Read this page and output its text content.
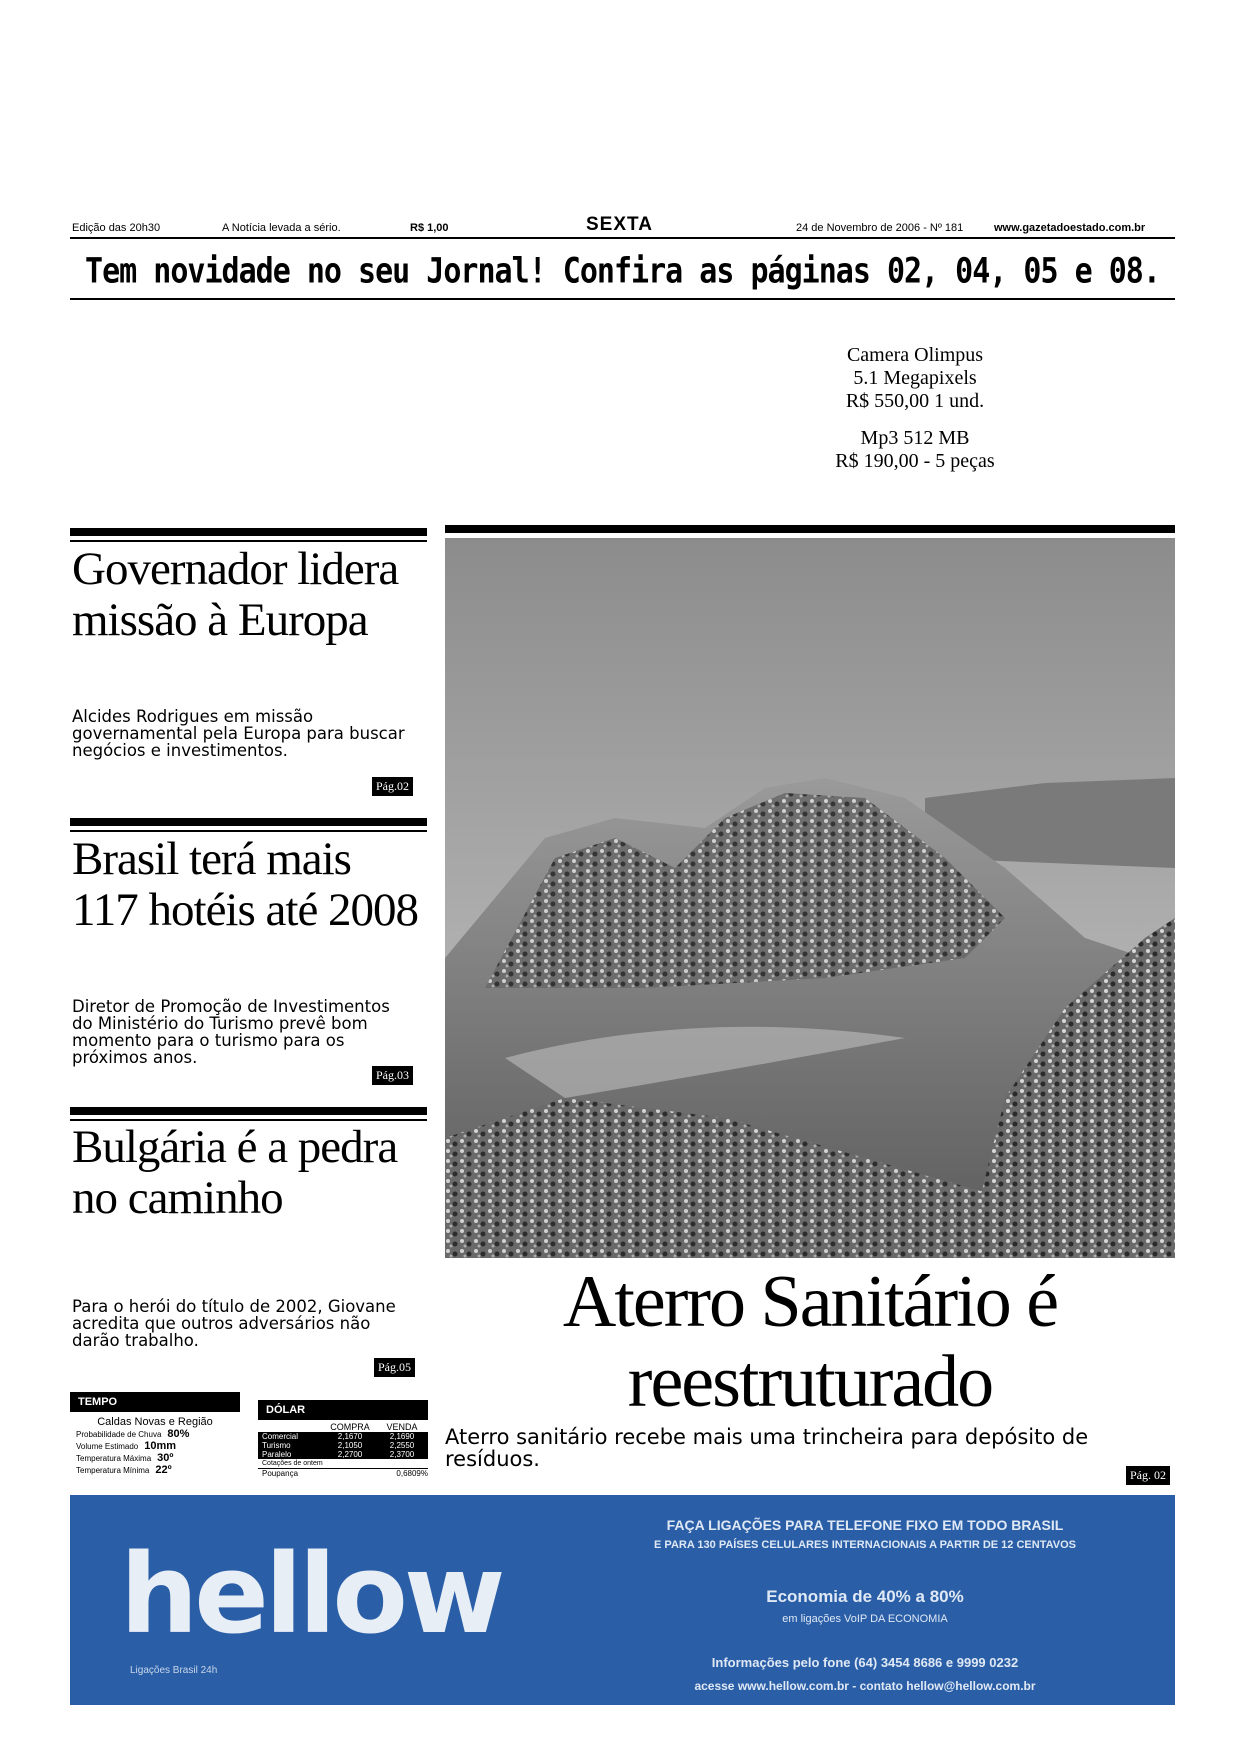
Edição das 20h30	A Notícia levada a sério.	R$ 1,00	SEXTA	24 de Novembro de 2006 - Nº 181	www.gazetadoestado.com.br
Tem novidade no seu Jornal! Confira as páginas 02, 04, 05 e 08.
Camera Olimpus
5.1 Megapixels
R$ 550,00 1 und.
Mp3 512 MB
R$ 190,00 - 5 peças
Governador lidera missão à Europa
Alcides Rodrigues em missão governamental pela Europa para buscar negócios e investimentos.
Pág.02
Brasil terá mais 117 hotéis até 2008
Diretor de Promoção de Investimentos do Ministério do Turismo prevê bom momento para o turismo para os próximos anos.
Pág.03
Bulgária é a pedra no caminho
Para o herói do título de 2002, Giovane acredita que outros adversários não darão trabalho.
Pág.05
TEMPO
Caldas Novas e Região
Probabilidade de Chuva 80%
Volume Estimado 10mm
Temperatura Máxima 30º
Temperatura Mínima 22º
DÓLAR
COMPRA	VENDA
Comercial	2,1670	2,1690
Turismo	2,1050	2,2550
Paralelo	2,2700	2,3700
Cotações de ontem
Poupança	0,6809%
Aterro Sanitário é
reestruturado
Aterro sanitário recebe mais uma trincheira para depósito de resíduos.
Pág. 02
hellow
Ligações Brasil 24h
FAÇA LIGAÇÕES PARA TELEFONE FIXO EM TODO BRASIL
E PARA 130 PAÍSES CELULARES INTERNACIONAIS A PARTIR DE 12 CENTAVOS
Economia de 40% a 80%
em ligações VoIP DA ECONOMIA
Informações pelo fone (64) 3454 8686 e 9999 0232
acesse www.hellow.com.br - contato hellow@hellow.com.br
